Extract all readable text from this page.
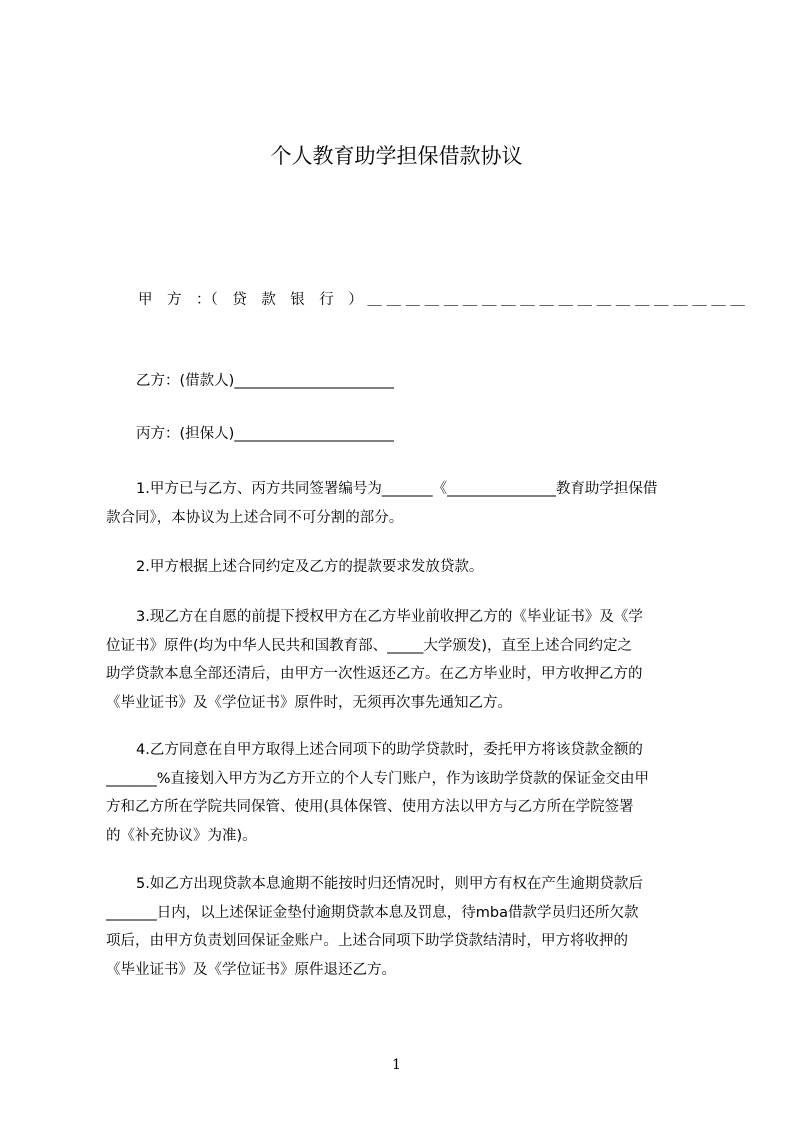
个人教育助学担保借款协议
甲　方　：（　贷　款　银　行　） ＿ ＿ ＿ ＿ ＿ ＿ ＿ ＿ ＿ ＿ ＿ ＿ ＿ ＿ ＿ ＿ ＿ ＿ ＿ ＿
乙方：(借款人)______________________
丙方：(担保人)______________________
1.甲方已与乙方、丙方共同签署编号为_______《_______________教育助学担保借
款合同》，本协议为上述合同不可分割的部分。
2.甲方根据上述合同约定及乙方的提款要求发放贷款。
3.现乙方在自愿的前提下授权甲方在乙方毕业前收押乙方的《毕业证书》及《学
位证书》原件(均为中华人民共和国教育部、_____大学颁发)，直至上述合同约定之
助学贷款本息全部还清后，由甲方一次性返还乙方。在乙方毕业时，甲方收押乙方的
《毕业证书》及《学位证书》原件时，无须再次事先通知乙方。
4.乙方同意在自甲方取得上述合同项下的助学贷款时，委托甲方将该贷款金额的
_______%直接划入甲方为乙方开立的个人专门账户，作为该助学贷款的保证金交由甲
方和乙方所在学院共同保管、使用(具体保管、使用方法以甲方与乙方所在学院签署
的《补充协议》为准)。
5.如乙方出现贷款本息逾期不能按时归还情况时，则甲方有权在产生逾期贷款后
_______日内，以上述保证金垫付逾期贷款本息及罚息，待mba借款学员归还所欠款
项后，由甲方负责划回保证金账户。上述合同项下助学贷款结清时，甲方将收押的
《毕业证书》及《学位证书》原件退还乙方。
1
